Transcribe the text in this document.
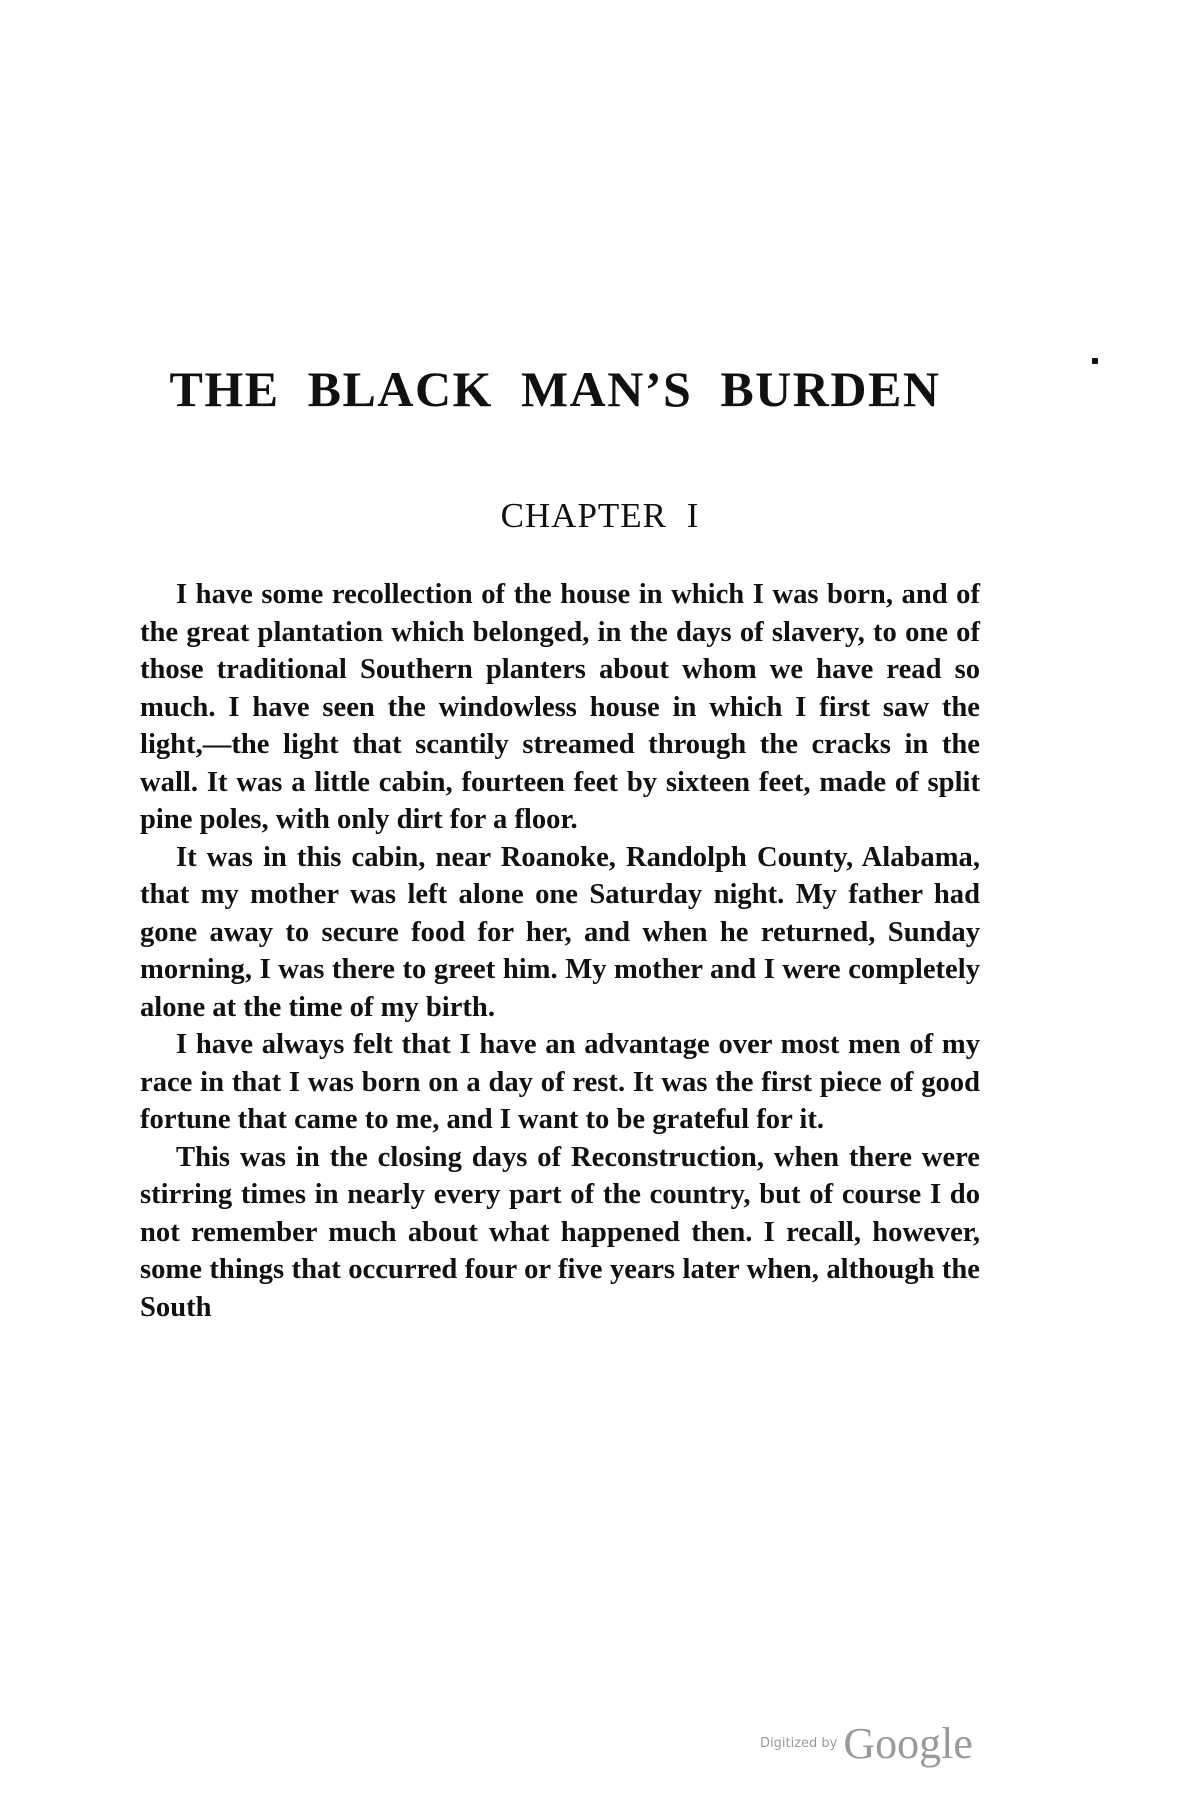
THE BLACK MAN’S BURDEN
CHAPTER I

I have some recollection of the house in which I was born, and of the great plantation which belonged, in the days of slavery, to one of those traditional Southern planters about whom we have read so much. I have seen the windowless house in which I first saw the light,—the light that scantily streamed through the cracks in the wall. It was a little cabin, fourteen feet by sixteen feet, made of split pine poles, with only dirt for a floor.

It was in this cabin, near Roanoke, Randolph County, Alabama, that my mother was left alone one Saturday night. My father had gone away to secure food for her, and when he returned, Sunday morning, I was there to greet him. My mother and I were completely alone at the time of my birth.

I have always felt that I have an advantage over most men of my race in that I was born on a day of rest. It was the first piece of good fortune that came to me, and I want to be grateful for it.

This was in the closing days of Reconstruction, when there were stirring times in nearly every part of the country, but of course I do not remember much about what happened then. I recall, however, some things that occurred four or five years later when, although the South

Digitized by Google
